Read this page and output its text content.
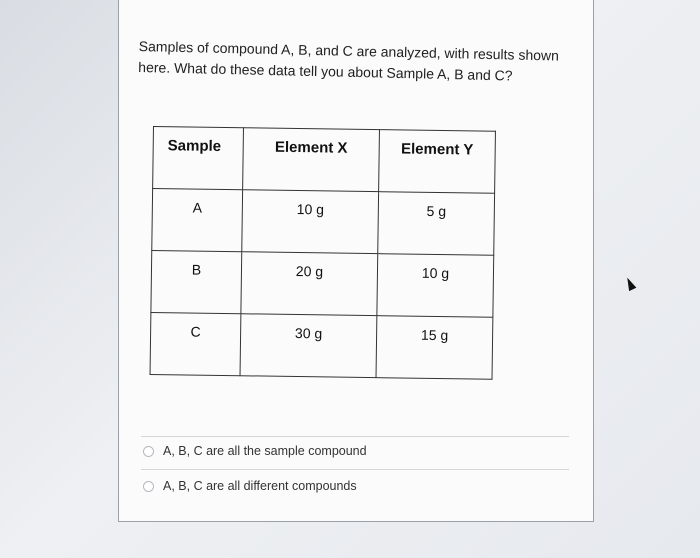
Samples of compound A, B, and C are analyzed, with results shown here. What do these data tell you about Sample A, B and C?
Sample	Element X	Element Y
A	10 g	5 g
B	20 g	10 g
C	30 g	15 g
A, B, C are all the sample compound
A, B, C are all different compounds
